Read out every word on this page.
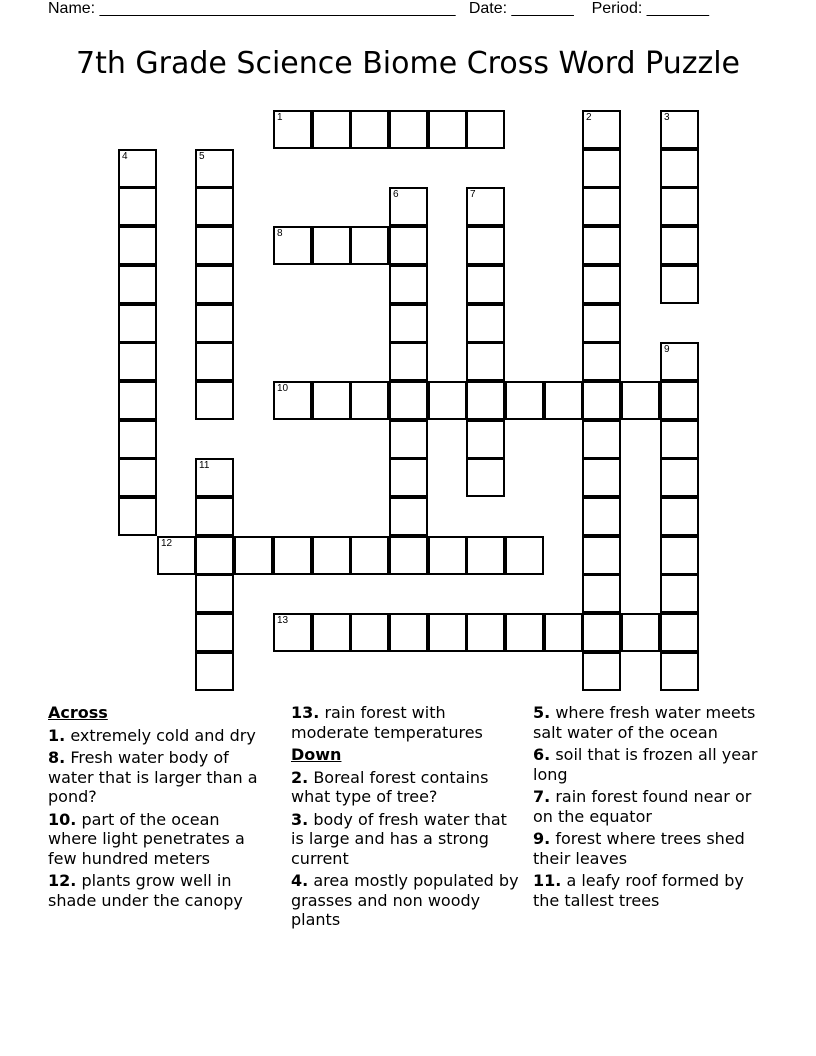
Name: ________________________________________   Date: _______    Period: _______
7th Grade Science Biome Cross Word Puzzle
1
8
10
12
13
2	3
4	5
6	7
9
11
Across
1. extremely cold and dry
8. Fresh water body of water that is larger than a pond?
10. part of the ocean where light penetrates a few hundred meters
12. plants grow well in shade under the canopy
13. rain forest with moderate temperatures
Down
2. Boreal forest contains what type of tree?
3. body of fresh water that is large and has a strong current
4. area mostly populated by grasses and non woody plants
5. where fresh water meets salt water of the ocean
6. soil that is frozen all year long
7. rain forest found near or on the equator
9. forest where trees shed their leaves
11. a leafy roof formed by the tallest trees
